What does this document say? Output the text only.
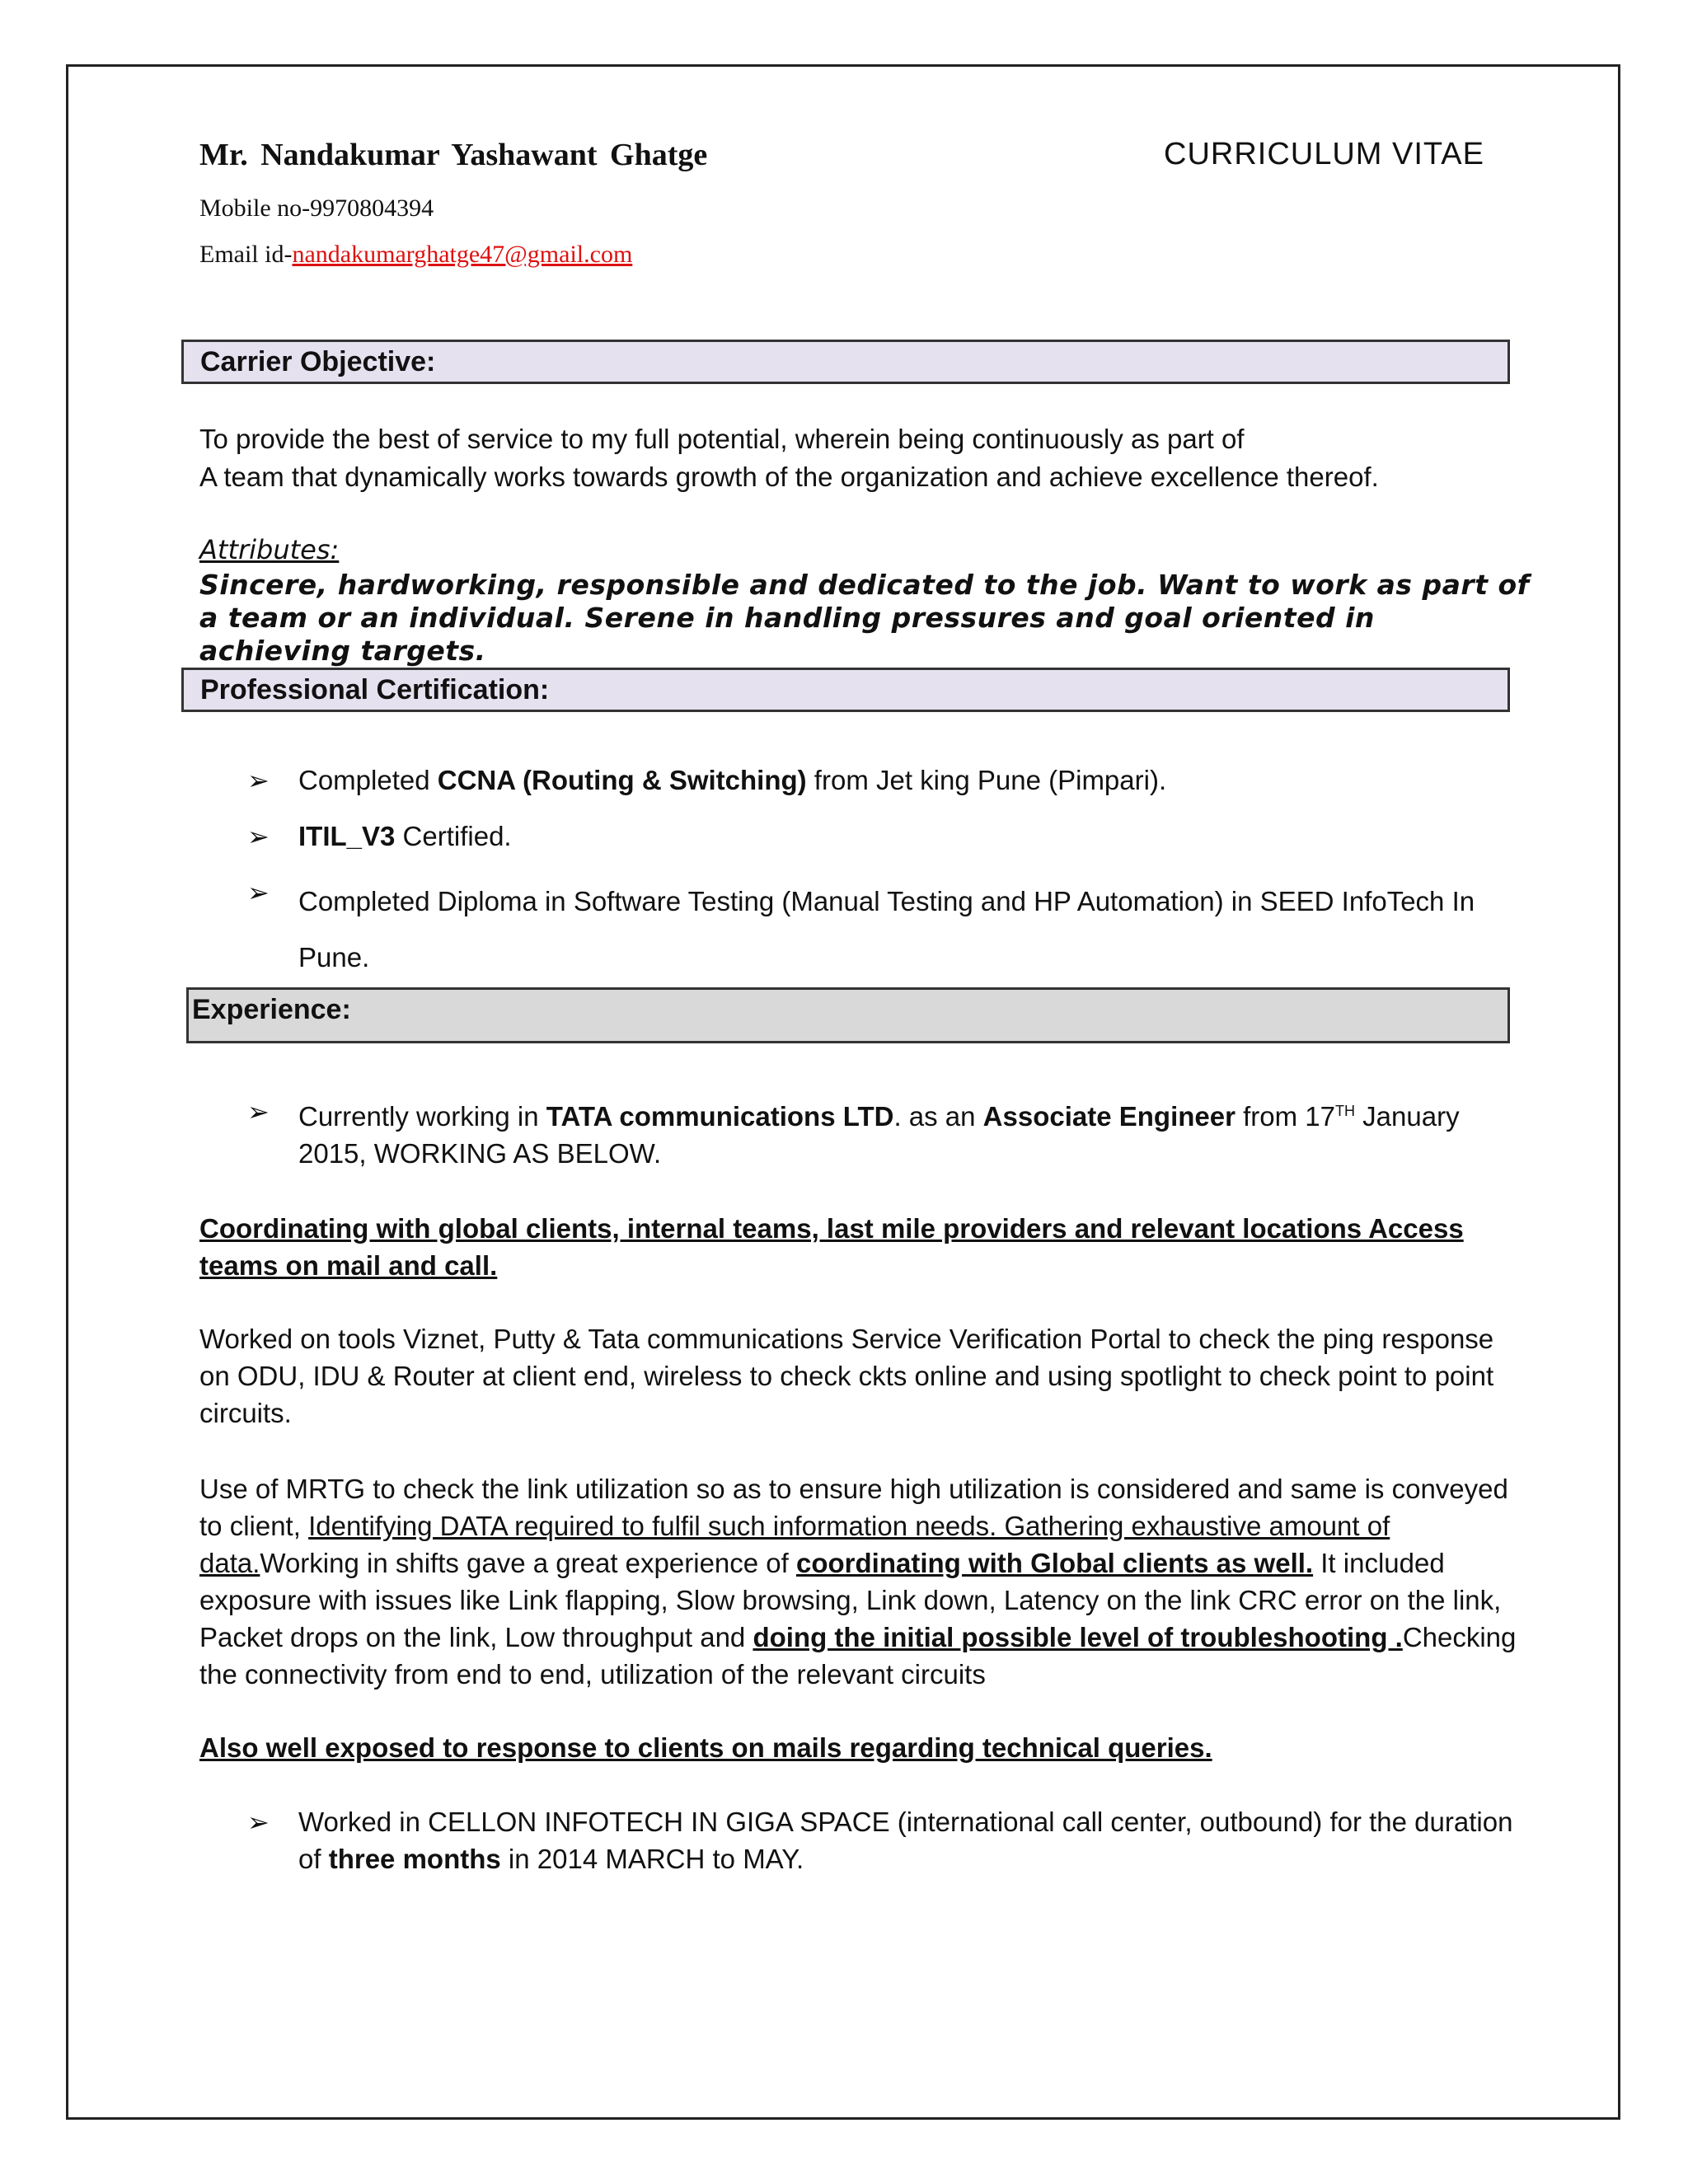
Mr. Nandakumar Yashawant Ghatge	CURRICULUM VITAE
Mobile no-9970804394
Email id-nandakumarghatge47@gmail.com
Carrier Objective:
To provide the best of service to my full potential, wherein being continuously as part of
A team that dynamically works towards growth of the organization and achieve excellence thereof.
Attributes:
Sincere, hardworking, responsible and dedicated to the job. Want to work as part of a team or an individual. Serene in handling pressures and goal oriented in achieving targets.
Professional Certification:
➢ Completed CCNA (Routing & Switching) from Jet king Pune (Pimpari).
➢ ITIL_V3 Certified.
➢ Completed Diploma in Software Testing (Manual Testing and HP Automation) in SEED InfoTech In Pune.
Experience:
➢ Currently working in TATA communications LTD. as an Associate Engineer from 17TH January 2015, WORKING AS BELOW.
Coordinating with global clients, internal teams, last mile providers and relevant locations Access teams on mail and call.
Worked on tools Viznet, Putty & Tata communications Service Verification Portal to check the ping response on ODU, IDU & Router at client end, wireless to check ckts online and using spotlight to check point to point circuits.
Use of MRTG to check the link utilization so as to ensure high utilization is considered and same is conveyed to client, Identifying DATA required to fulfil such information needs. Gathering exhaustive amount of data.Working in shifts gave a great experience of coordinating with Global clients as well. It included exposure with issues like Link flapping, Slow browsing, Link down, Latency on the link CRC error on the link, Packet drops on the link, Low throughput and doing the initial possible level of troubleshooting .Checking the connectivity from end to end, utilization of the relevant circuits
Also well exposed to response to clients on mails regarding technical queries.
➢ Worked in CELLON INFOTECH IN GIGA SPACE (international call center, outbound) for the duration of three months in 2014 MARCH to MAY.
